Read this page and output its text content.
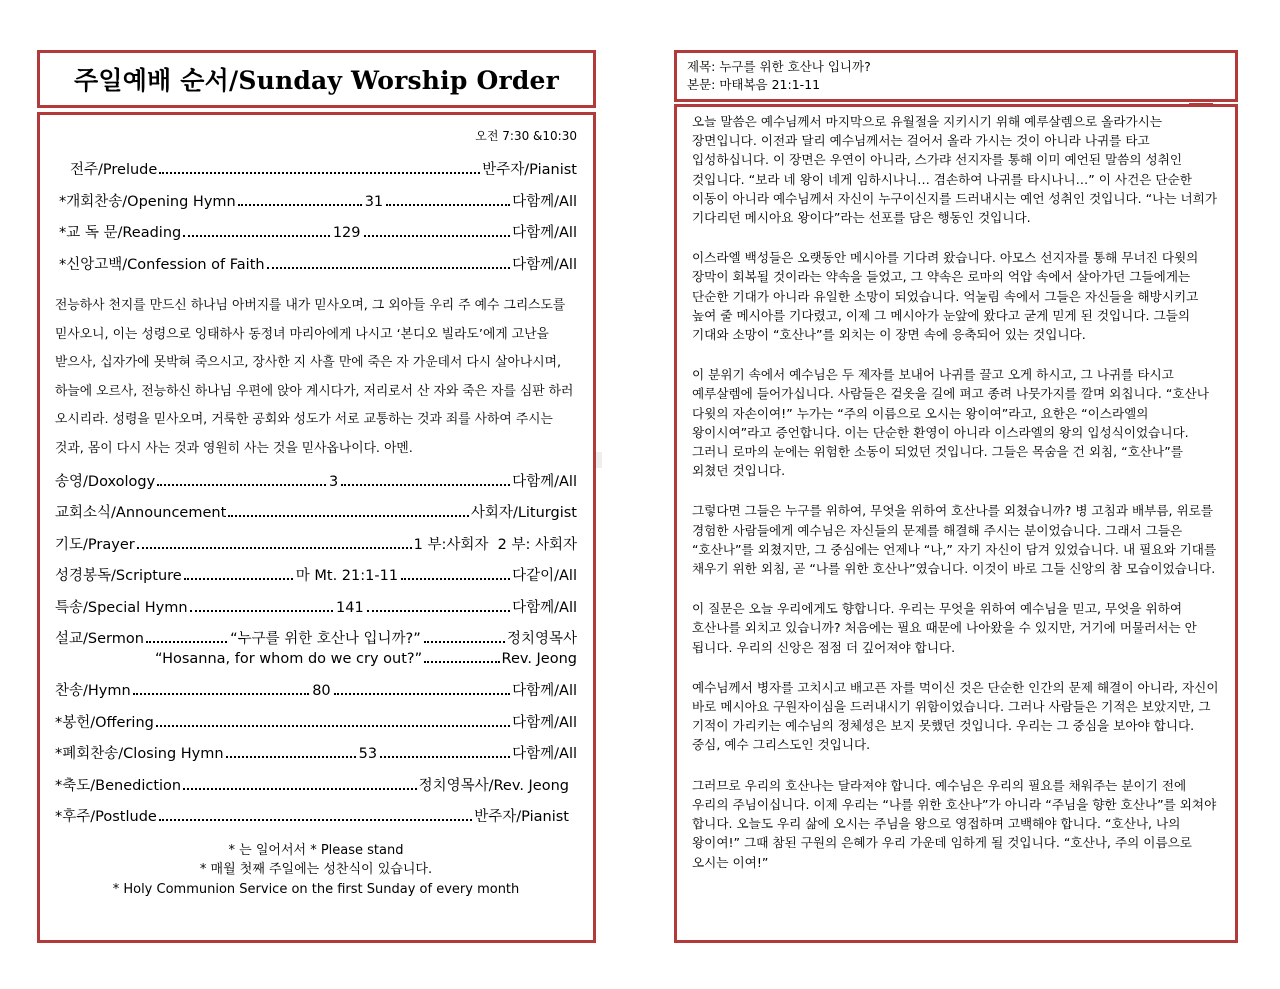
주일예배 순서/Sunday Worship Order
오전 7:30 &10:30
전주/Prelude	반주자/Pianist
*개회찬송/Opening Hymn	31	다함께/All
*교 독 문/Reading	129	다함께/All
*신앙고백/Confession of Faith	다함께/All
전능하사 천지를 만드신 하나님 아버지를 내가 믿사오며, 그 외아들 우리 주 예수 그리스도를 믿사오니, 이는 성령으로 잉태하사 동정녀 마리아에게 나시고 ‘본디오 빌라도’에게 고난을 받으사, 십자가에 못박혀 죽으시고, 장사한 지 사흘 만에 죽은 자 가운데서 다시 살아나시며, 하늘에 오르사, 전능하신 하나님 우편에 앉아 계시다가, 저리로서 산 자와 죽은 자를 심판 하러 오시리라. 성령을 믿사오며, 거룩한 공회와 성도가 서로 교통하는 것과 죄를 사하여 주시는 것과, 몸이 다시 사는 것과 영원히 사는 것을 믿사옵나이다. 아멘.
송영/Doxology	3	다함께/All
교회소식/Announcement	사회자/Liturgist
기도/Prayer	1 부:사회자  2 부: 사회자
성경봉독/Scripture	마 Mt. 21:1-11	다같이/All
특송/Special Hymn	141	다함께/All
설교/Sermon	“누구를 위한 호산나 입니까?”	정치영목사
“Hosanna, for whom do we cry out?”	Rev. Jeong
찬송/Hymn	80	다함께/All
*봉헌/Offering	다함께/All
*폐회찬송/Closing Hymn	53	다함께/All
*축도/Benediction	정치영목사/Rev. Jeong
*후주/Postlude	반주자/Pianist
* 는 일어서서 * Please stand
* 매월 첫째 주일에는 성찬식이 있습니다.
* Holy Communion Service on the first Sunday of every month
제목: 누구를 위한 호산나 입니까?
본문: 마태복음 21:1-11

오늘 말씀은 예수님께서 마지막으로 유월절을 지키시기 위해 예루살렘으로 올라가시는 장면입니다. 이전과 달리 예수님께서는 걸어서 올라 가시는 것이 아니라 나귀를 타고 입성하십니다. 이 장면은 우연이 아니라, 스가랴 선지자를 통해 이미 예언된 말씀의 성취인 것입니다. “보라 네 왕이 네게 임하시나니… 겸손하여 나귀를 타시나니…” 이 사건은 단순한 이동이 아니라 예수님께서 자신이 누구이신지를 드러내시는 예언 성취인 것입니다. “나는 너희가 기다리던 메시아요 왕이다”라는 선포를 담은 행동인 것입니다.

이스라엘 백성들은 오랫동안 메시아를 기다려 왔습니다. 아모스 선지자를 통해 무너진 다윗의 장막이 회복될 것이라는 약속을 들었고, 그 약속은 로마의 억압 속에서 살아가던 그들에게는 단순한 기대가 아니라 유일한 소망이 되었습니다. 억눌림 속에서 그들은 자신들을 해방시키고 높여 줄 메시아를 기다렸고, 이제 그 메시아가 눈앞에 왔다고 굳게 믿게 된 것입니다. 그들의 기대와 소망이 “호산나”를 외치는 이 장면 속에 응축되어 있는 것입니다.

이 분위기 속에서 예수님은 두 제자를 보내어 나귀를 끌고 오게 하시고, 그 나귀를 타시고 예루살렘에 들어가십니다. 사람들은 겉옷을 길에 펴고 종려 나뭇가지를 깔며 외칩니다. “호산나 다윗의 자손이여!” 누가는 “주의 이름으로 오시는 왕이여”라고, 요한은 “이스라엘의 왕이시여”라고 증언합니다. 이는 단순한 환영이 아니라 이스라엘의 왕의 입성식이었습니다. 그러니 로마의 눈에는 위험한 소동이 되었던 것입니다. 그들은 목숨을 건 외침, “호산나”를 외쳤던 것입니다.

그렇다면 그들은 누구를 위하여, 무엇을 위하여 호산나를 외쳤습니까? 병 고침과 배부름, 위로를 경험한 사람들에게 예수님은 자신들의 문제를 해결해 주시는 분이었습니다. 그래서 그들은 “호산나”를 외쳤지만, 그 중심에는 언제나 “나,” 자기 자신이 담겨 있었습니다. 내 필요와 기대를 채우기 위한 외침, 곧 “나를 위한 호산나”였습니다. 이것이 바로 그들 신앙의 참 모습이었습니다.

이 질문은 오늘 우리에게도 향합니다. 우리는 무엇을 위하여 예수님을 믿고, 무엇을 위하여 호산나를 외치고 있습니까? 처음에는 필요 때문에 나아왔을 수 있지만, 거기에 머물러서는 안 됩니다. 우리의 신앙은 점점 더 깊어져야 합니다.

예수님께서 병자를 고치시고 배고픈 자를 먹이신 것은 단순한 인간의 문제 해결이 아니라, 자신이 바로 메시아요 구원자이심을 드러내시기 위함이었습니다. 그러나 사람들은 기적은 보았지만, 그 기적이 가리키는 예수님의 정체성은 보지 못했던 것입니다. 우리는 그 중심을 보아야 합니다. 중심, 예수 그리스도인 것입니다.

그러므로 우리의 호산나는 달라져야 합니다. 예수님은 우리의 필요를 채워주는 분이기 전에 우리의 주님이십니다. 이제 우리는 “나를 위한 호산나”가 아니라 “주님을 향한 호산나”를 외쳐야 합니다. 오늘도 우리 삶에 오시는 주님을 왕으로 영접하며 고백해야 합니다. “호산나, 나의 왕이여!” 그때 참된 구원의 은혜가 우리 가운데 임하게 될 것입니다. “호산나, 주의 이름으로 오시는 이여!”
